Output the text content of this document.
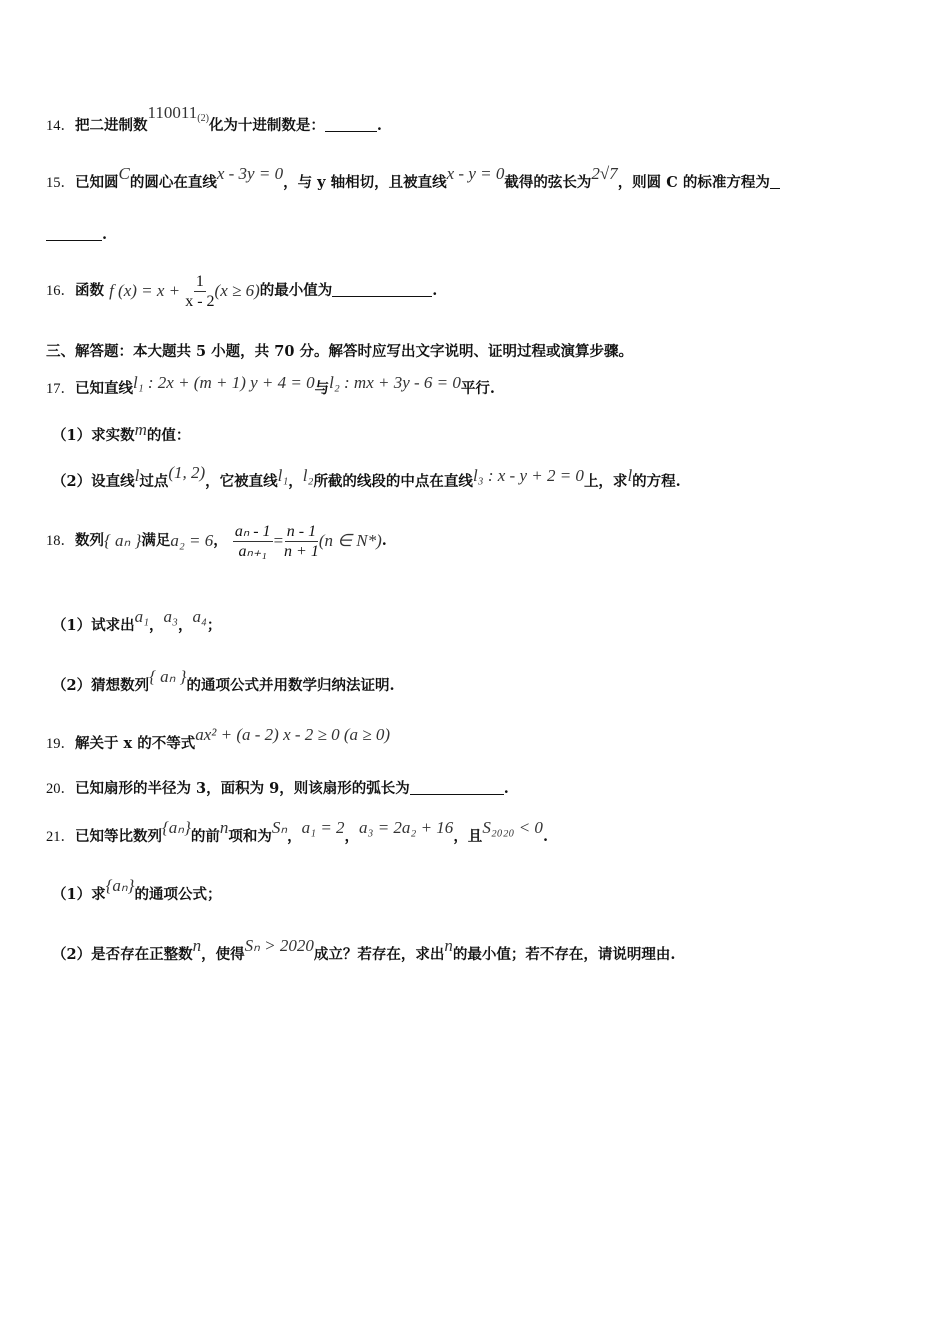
14．把二进制数110011(2)化为十进制数是：	.
15．已知圆C的圆心在直线x - 3y = 0，与 y 轴相切，且被直线x - y = 0截得的弦长为2√7，则圆 C 的标准方程为
.
16．函数 f $(x) = x + \frac{1}{x - 2} (x \ge 6)$的最小值为	.
三、解答题：本大题共 5 小题，共 70 分。解答时应写出文字说明、证明过程或演算步骤。
17．已知直线l₁ : 2x + (m + 1) y + 4 = 0与l₂ : mx + 3y - 6 = 0平行.
（1）求实数m的值：
（2）设直线l过点(1, 2)，它被直线l₁，l₂所截的线段的中点在直线l₃ : x - y + 2 = 0上，求l的方程.
18．数列{ aₙ }满足a₂ = 6， $\frac{\text{aₙ - 1}}{\text{aₙ₊₁}} = \frac{n - 1}{n + 1} (n$ ∈ N*).
（1）试求出a₁，a₃，a₄；
（2）猜想数列{ aₙ }的通项公式并用数学归纳法证明.
19．解关于 x 的不等式ax² + (a - 2) x - 2 ≥ 0 (a ≥ 0)
20．已知扇形的半径为 3，面积为 9，则该扇形的弧长为	.
21．已知等比数列{aₙ}的前n项和为Sₙ，a₁ = 2，a₃ = 2a₂ + 16，且S₂₀₂₀ < 0.
（1）求{aₙ}的通项公式；
（2）是否存在正整数n，使得Sₙ > 2020成立？若存在，求出n的最小值；若不存在，请说明理由.
